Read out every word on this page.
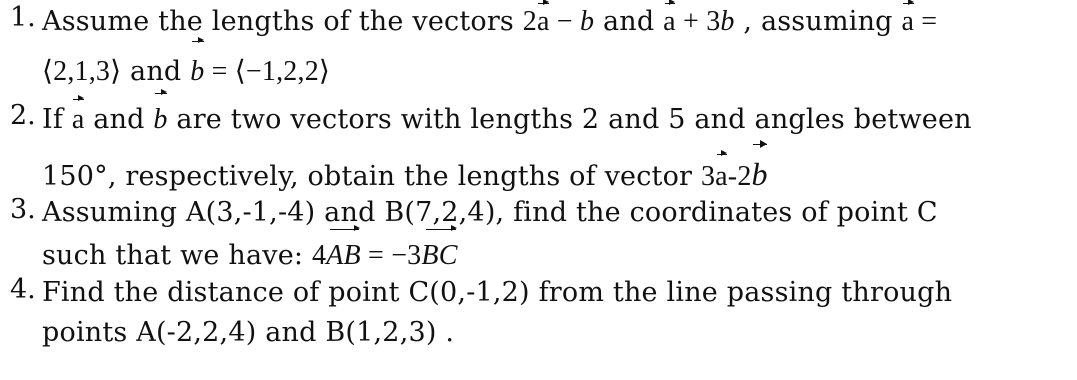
1. Assume the lengths of the vectors 2a − b and a + 3b , assuming a =
⟨2,1,3⟩ and b = ⟨−1,2,2⟩
2. If a and b are two vectors with lengths 2 and 5 and angles between
150°, respectively, obtain the lengths of vector 3a-2b
3. Assuming A(3,-1,-4) and B(7,2,4), find the coordinates of point C
such that we have: 4AB = −3BC
4. Find the distance of point C(0,-1,2) from the line passing through
points A(-2,2,4) and B(1,2,3) .
